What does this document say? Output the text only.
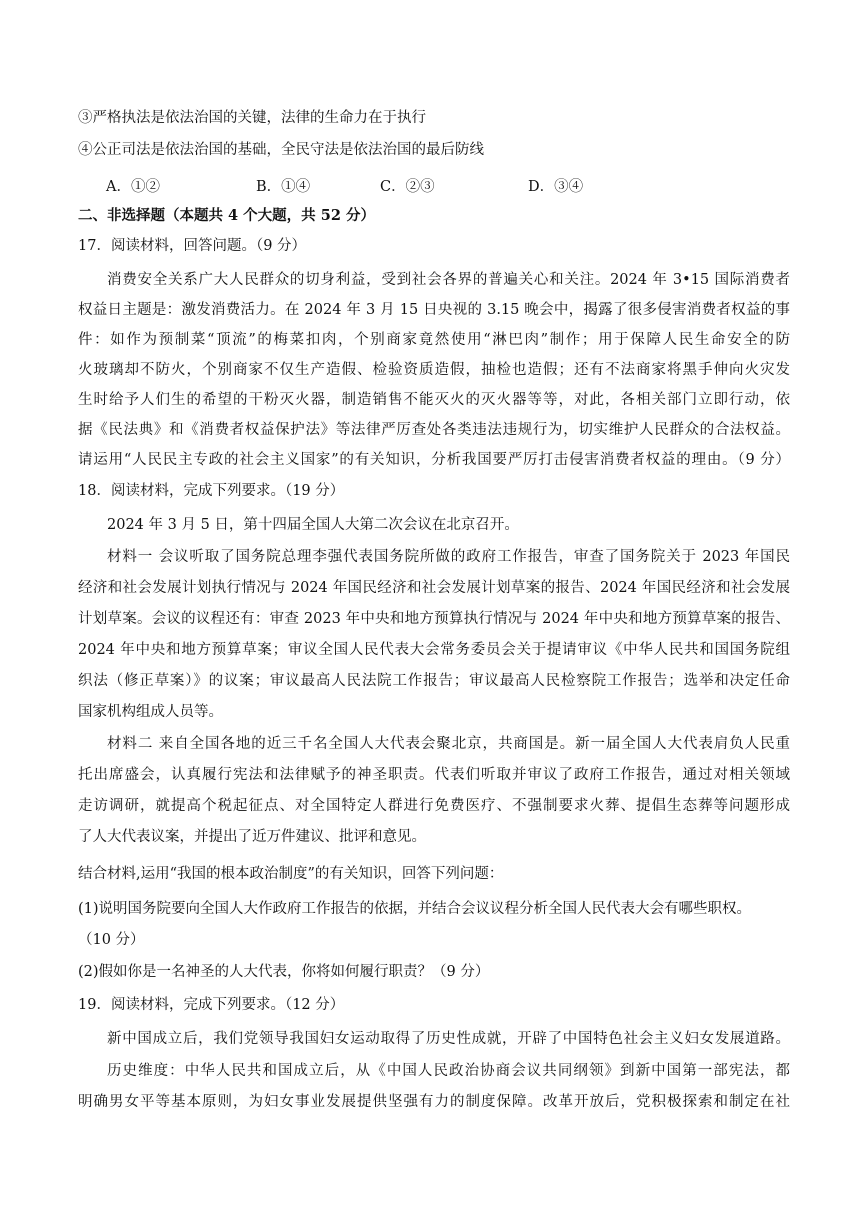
③严格执法是依法治国的关键，法律的生命力在于执行
④公正司法是依法治国的基础，全民守法是依法治国的最后防线
A．①②	B．①④	C．②③	D．③④
二、非选择题（本题共 4 个大题，共 52 分）
17．阅读材料，回答问题。（9 分）
消费安全关系广大人民群众的切身利益，受到社会各界的普遍关心和关注。2024 年 3•15 国际消费者
权益日主题是：激发消费活力。在 2024 年 3 月 15 日央视的 3.15 晚会中，揭露了很多侵害消费者权益的事
件：如作为预制菜“顶流”的梅菜扣肉，个别商家竟然使用“淋巴肉”制作；用于保障人民生命安全的防
火玻璃却不防火，个别商家不仅生产造假、检验资质造假，抽检也造假；还有不法商家将黑手伸向火灾发
生时给予人们生的希望的干粉灭火器，制造销售不能灭火的灭火器等等，对此，各相关部门立即行动，依
据《民法典》和《消费者权益保护法》等法律严厉查处各类违法违规行为，切实维护人民群众的合法权益。
请运用“人民民主专政的社会主义国家”的有关知识，分析我国要严厉打击侵害消费者权益的理由。（9 分）
18．阅读材料，完成下列要求。（19 分）
2024 年 3 月 5 日，第十四届全国人大第二次会议在北京召开。
材料一 会议听取了国务院总理李强代表国务院所做的政府工作报告，审查了国务院关于 2023 年国民
经济和社会发展计划执行情况与 2024 年国民经济和社会发展计划草案的报告、2024 年国民经济和社会发展
计划草案。会议的议程还有：审查 2023 年中央和地方预算执行情况与 2024 年中央和地方预算草案的报告、
2024 年中央和地方预算草案；审议全国人民代表大会常务委员会关于提请审议《中华人民共和国国务院组
织法（修正草案）》的议案；审议最高人民法院工作报告；审议最高人民检察院工作报告；选举和决定任命
国家机构组成人员等。
材料二 来自全国各地的近三千名全国人大代表会聚北京，共商国是。新一届全国人大代表肩负人民重
托出席盛会，认真履行宪法和法律赋予的神圣职责。代表们听取并审议了政府工作报告，通过对相关领域
走访调研，就提高个税起征点、对全国特定人群进行免费医疗、不强制要求火葬、提倡生态葬等问题形成
了人大代表议案，并提出了近万件建议、批评和意见。
结合材料,运用“我国的根本政治制度”的有关知识，回答下列问题：
(1)说明国务院要向全国人大作政府工作报告的依据，并结合会议议程分析全国人民代表大会有哪些职权。
（10 分）
(2)假如你是一名神圣的人大代表，你将如何履行职责？（9 分）
19．阅读材料，完成下列要求。（12 分）
新中国成立后，我们党领导我国妇女运动取得了历史性成就，开辟了中国特色社会主义妇女发展道路。
历史维度：中华人民共和国成立后，从《中国人民政治协商会议共同纲领》到新中国第一部宪法，都
明确男女平等基本原则，为妇女事业发展提供坚强有力的制度保障。改革开放后，党积极探索和制定在社
